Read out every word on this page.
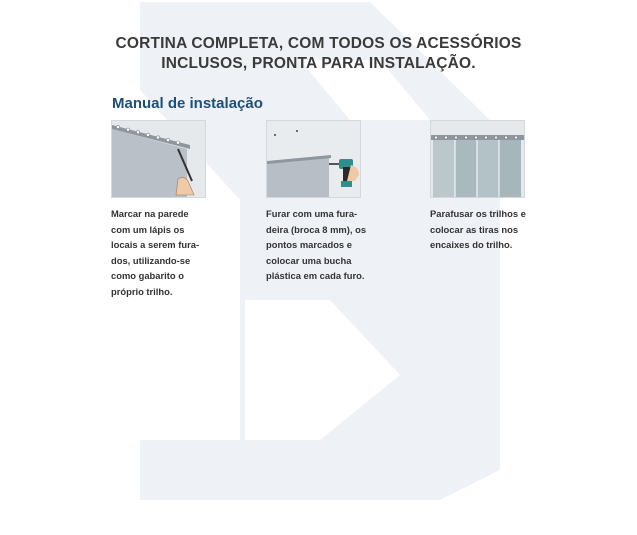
CORTINA COMPLETA, COM TODOS OS ACESSÓRIOS
INCLUSOS, PRONTA PARA INSTALAÇÃO.
Manual de instalação
Marcar na parede
com um lápis os
locais a serem fura-
dos, utilizando-se
como gabarito o
próprio trilho.
Furar com uma fura-
deira (broca 8 mm), os
pontos marcados e
colocar uma bucha
plástica em cada furo.
Parafusar os trilhos e
colocar as tiras nos
encaixes do trilho.
